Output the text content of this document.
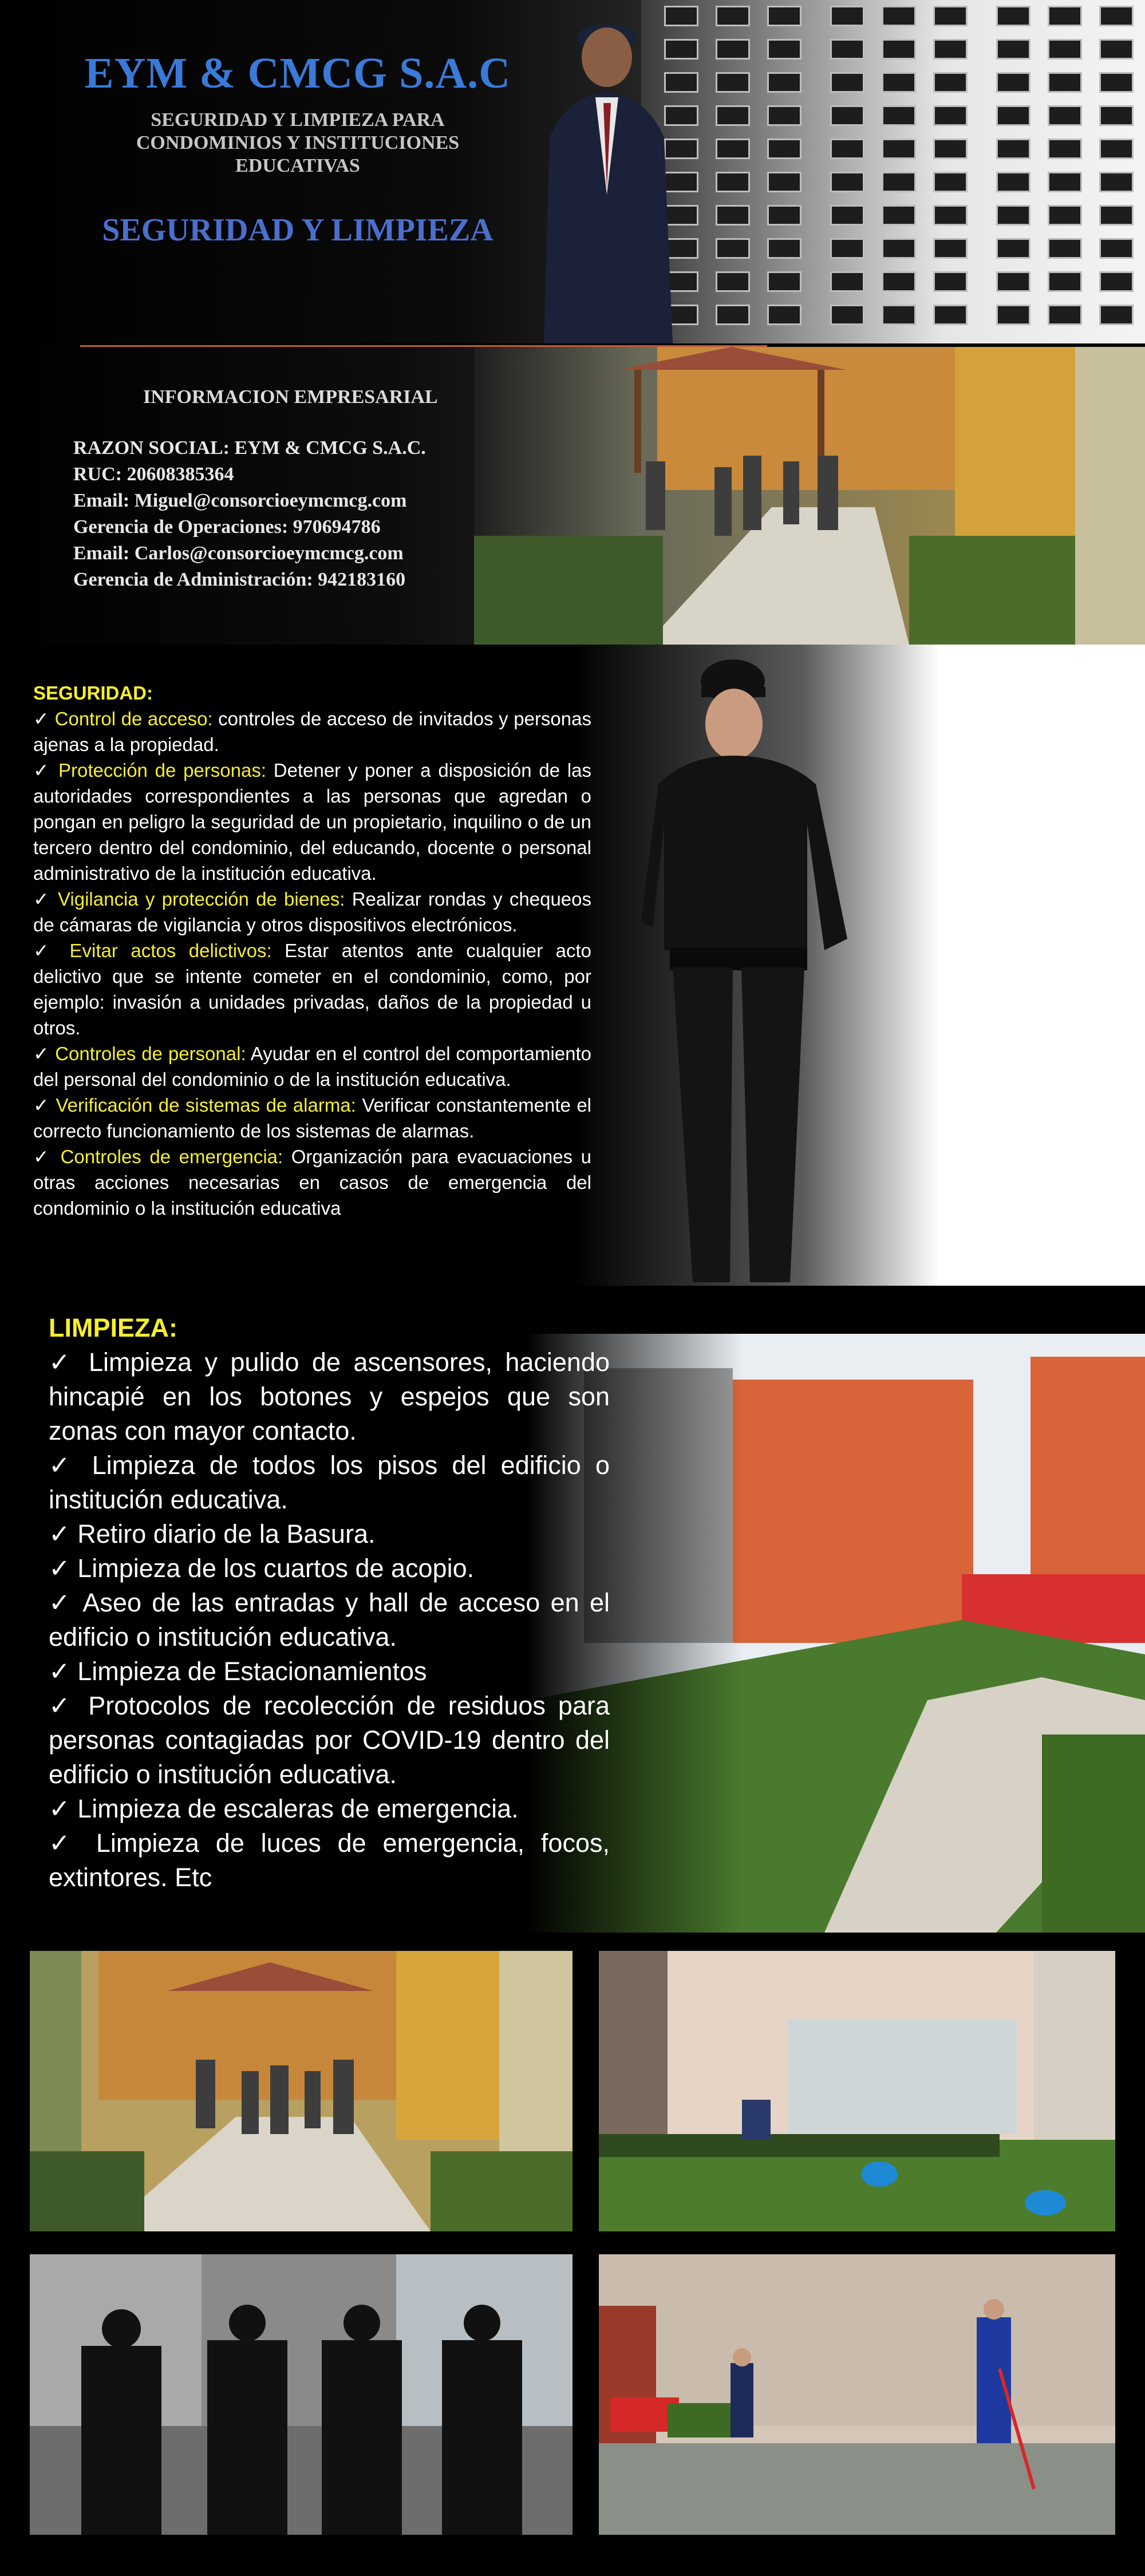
EYM & CMCG S.A.C
SEGURIDAD Y LIMPIEZA PARA CONDOMINIOS Y INSTITUCIONES EDUCATIVAS
SEGURIDAD Y LIMPIEZA
INFORMACION EMPRESARIAL
RAZON SOCIAL: EYM & CMCG S.A.C.
RUC: 20608385364
Email: Miguel@consorcioeymcmcg.com
Gerencia de Operaciones: 970694786
Email: Carlos@consorcioeymcmcg.com
Gerencia de Administración: 942183160
SEGURIDAD:
✓ Control de acceso: controles de acceso de invitados y personas ajenas a la propiedad.
✓ Protección de personas: Detener y poner a disposición de las autoridades correspondientes a las personas que agredan o pongan en peligro la seguridad de un propietario, inquilino o de un tercero dentro del condominio, del educando, docente o personal administrativo de la institución educativa.
✓ Vigilancia y protección de bienes: Realizar rondas y chequeos de cámaras de vigilancia y otros dispositivos electrónicos.
✓ Evitar actos delictivos: Estar atentos ante cualquier acto delictivo que se intente cometer en el condominio, como, por ejemplo: invasión a unidades privadas, daños de la propiedad u otros.
✓ Controles de personal: Ayudar en el control del comportamiento del personal del condominio o de la institución educativa.
✓ Verificación de sistemas de alarma: Verificar constantemente el correcto funcionamiento de los sistemas de alarmas.
✓ Controles de emergencia: Organización para evacuaciones u otras acciones necesarias en casos de emergencia del condominio o la institución educativa
LIMPIEZA:
✓ Limpieza y pulido de ascensores, haciendo hincapié en los botones y espejos que son zonas con mayor contacto.
✓ Limpieza de todos los pisos del edificio o institución educativa.
✓ Retiro diario de la Basura.
✓ Limpieza de los cuartos de acopio.
✓ Aseo de las entradas y hall de acceso en el edificio o institución educativa.
✓ Limpieza de Estacionamientos
✓ Protocolos de recolección de residuos para personas contagiadas por COVID-19 dentro del edificio o institución educativa.
✓ Limpieza de escaleras de emergencia.
✓ Limpieza de luces de emergencia, focos, extintores. Etc
